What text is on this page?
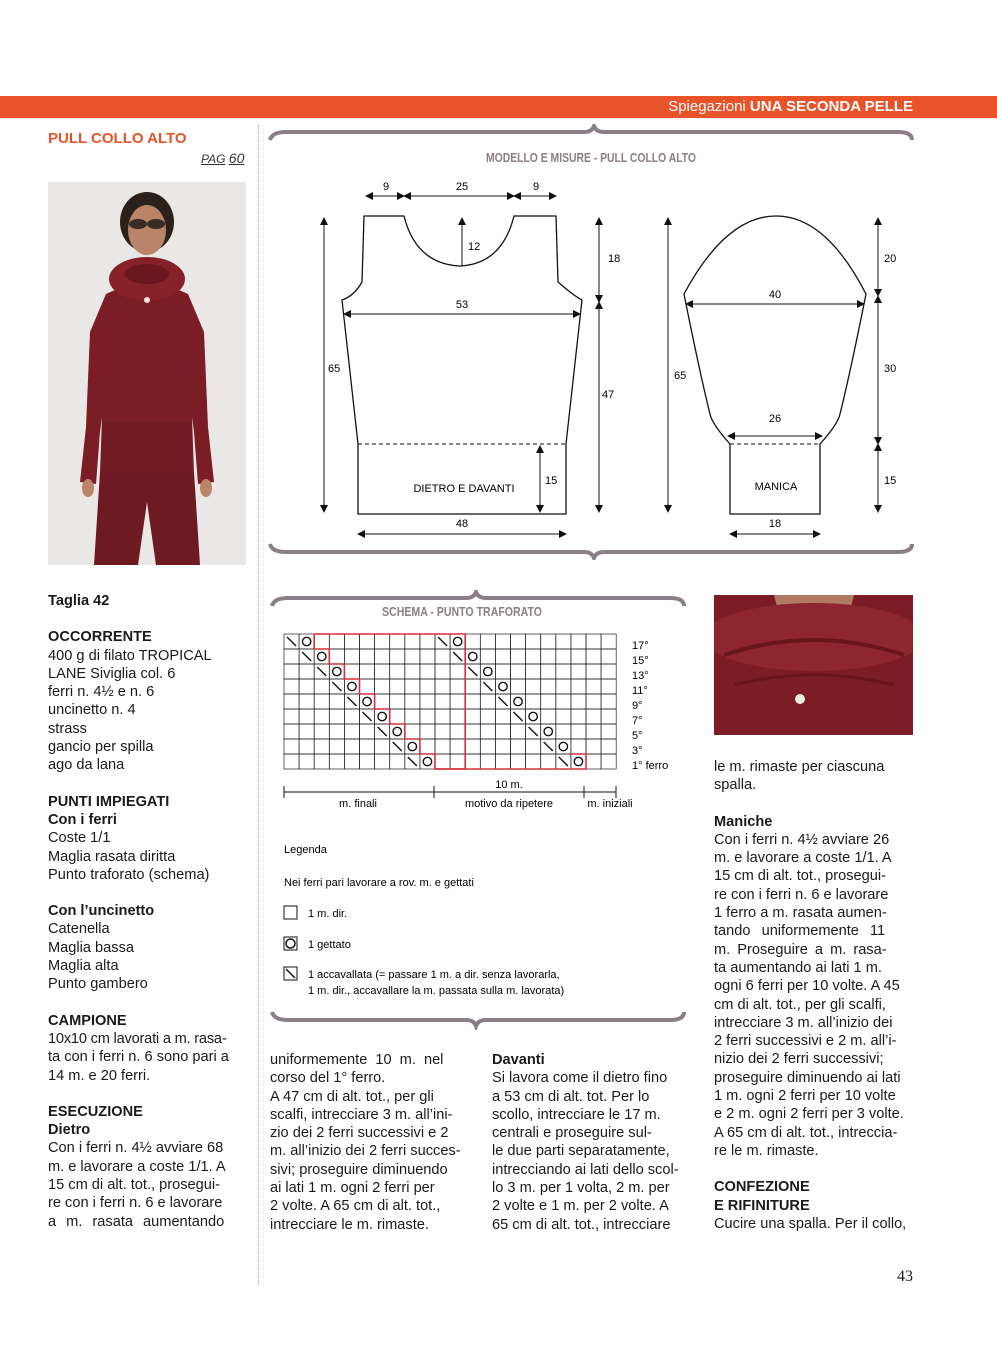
Spiegazioni UNA SECONDA PELLE
PULL COLLO ALTO
PAG 60

Taglia 42

OCCORRENTE

400 g di filato TROPICAL

LANE Siviglia col. 6

ferri n. 4½ e n. 6

uncinetto n. 4

strass

gancio per spilla

ago da lana

PUNTI IMPIEGATI

Con i ferri

Coste 1/1

Maglia rasata diritta

Punto traforato (schema)

Con l’uncinetto

Catenella

Maglia bassa

Maglia alta

Punto gambero

CAMPIONE

10x10 cm lavorati a m. rasa-

ta con i ferri n. 6 sono pari a

14 m. e 20 ferri.

ESECUZIONE

Dietro

Con i ferri n. 4½ avviare 68

m. e lavorare a coste 1/1. A

15 cm di alt. tot., prosegui-

re con i ferri n. 6 e lavorare

a m. rasata aumentando

MODELLO E MISURE - PULL COLLO ALTO
9	25	9
12
53
65
18
47
15
DIETRO E DAVANTI
48
40
26
18
MANICA
65
20
30
15
SCHEMA - PUNTO TRAFORATO
17°
15°
13°
11°
9°
7°
5°
3°
1° ferro
10 m.
m. finali	motivo da ripetere	m. iniziali
Legenda
Nei ferri pari lavorare a rov. m. e gettati
1 m. dir.
1 gettato
1 accavallata (= passare 1 m. a dir. senza lavorarla,
1 m. dir., accavallare la m. passata sulla m. lavorata)

uniformemente 10 m. nel

corso del 1° ferro.

A 47 cm di alt. tot., per gli

scalfi, intrecciare 3 m. all’ini-

zio dei 2 ferri successivi e 2

m. all’inizio dei 2 ferri succes-

sivi; proseguire diminuendo

ai lati 1 m. ogni 2 ferri per

2 volte. A 65 cm di alt. tot.,

intrecciare le m. rimaste.

Davanti

Si lavora come il dietro fino

a 53 cm di alt. tot. Per lo

scollo, intrecciare le 17 m.

centrali e proseguire sul-

le due parti separatamente,

intrecciando ai lati dello scol-

lo 3 m. per 1 volta, 2 m. per

2 volte e 1 m. per 2 volte. A

65 cm di alt. tot., intrecciare

le m. rimaste per ciascuna

spalla.

Maniche

Con i ferri n. 4½ avviare 26

m. e lavorare a coste 1/1. A

15 cm di alt. tot., prosegui-

re con i ferri n. 6 e lavorare

1 ferro a m. rasata aumen-

tando uniformemente 11

m. Proseguire a m. rasa-

ta aumentando ai lati 1 m.

ogni 6 ferri per 10 volte. A 45

cm di alt. tot., per gli scalfi,

intrecciare 3 m. all’inizio dei

2 ferri successivi e 2 m. all’i-

nizio dei 2 ferri successivi;

proseguire diminuendo ai lati

1 m. ogni 2 ferri per 10 volte

e 2 m. ogni 2 ferri per 3 volte.

A 65 cm di alt. tot., intreccia-

re le m. rimaste.

CONFEZIONE

E RIFINITURE

Cucire una spalla. Per il collo,

43
